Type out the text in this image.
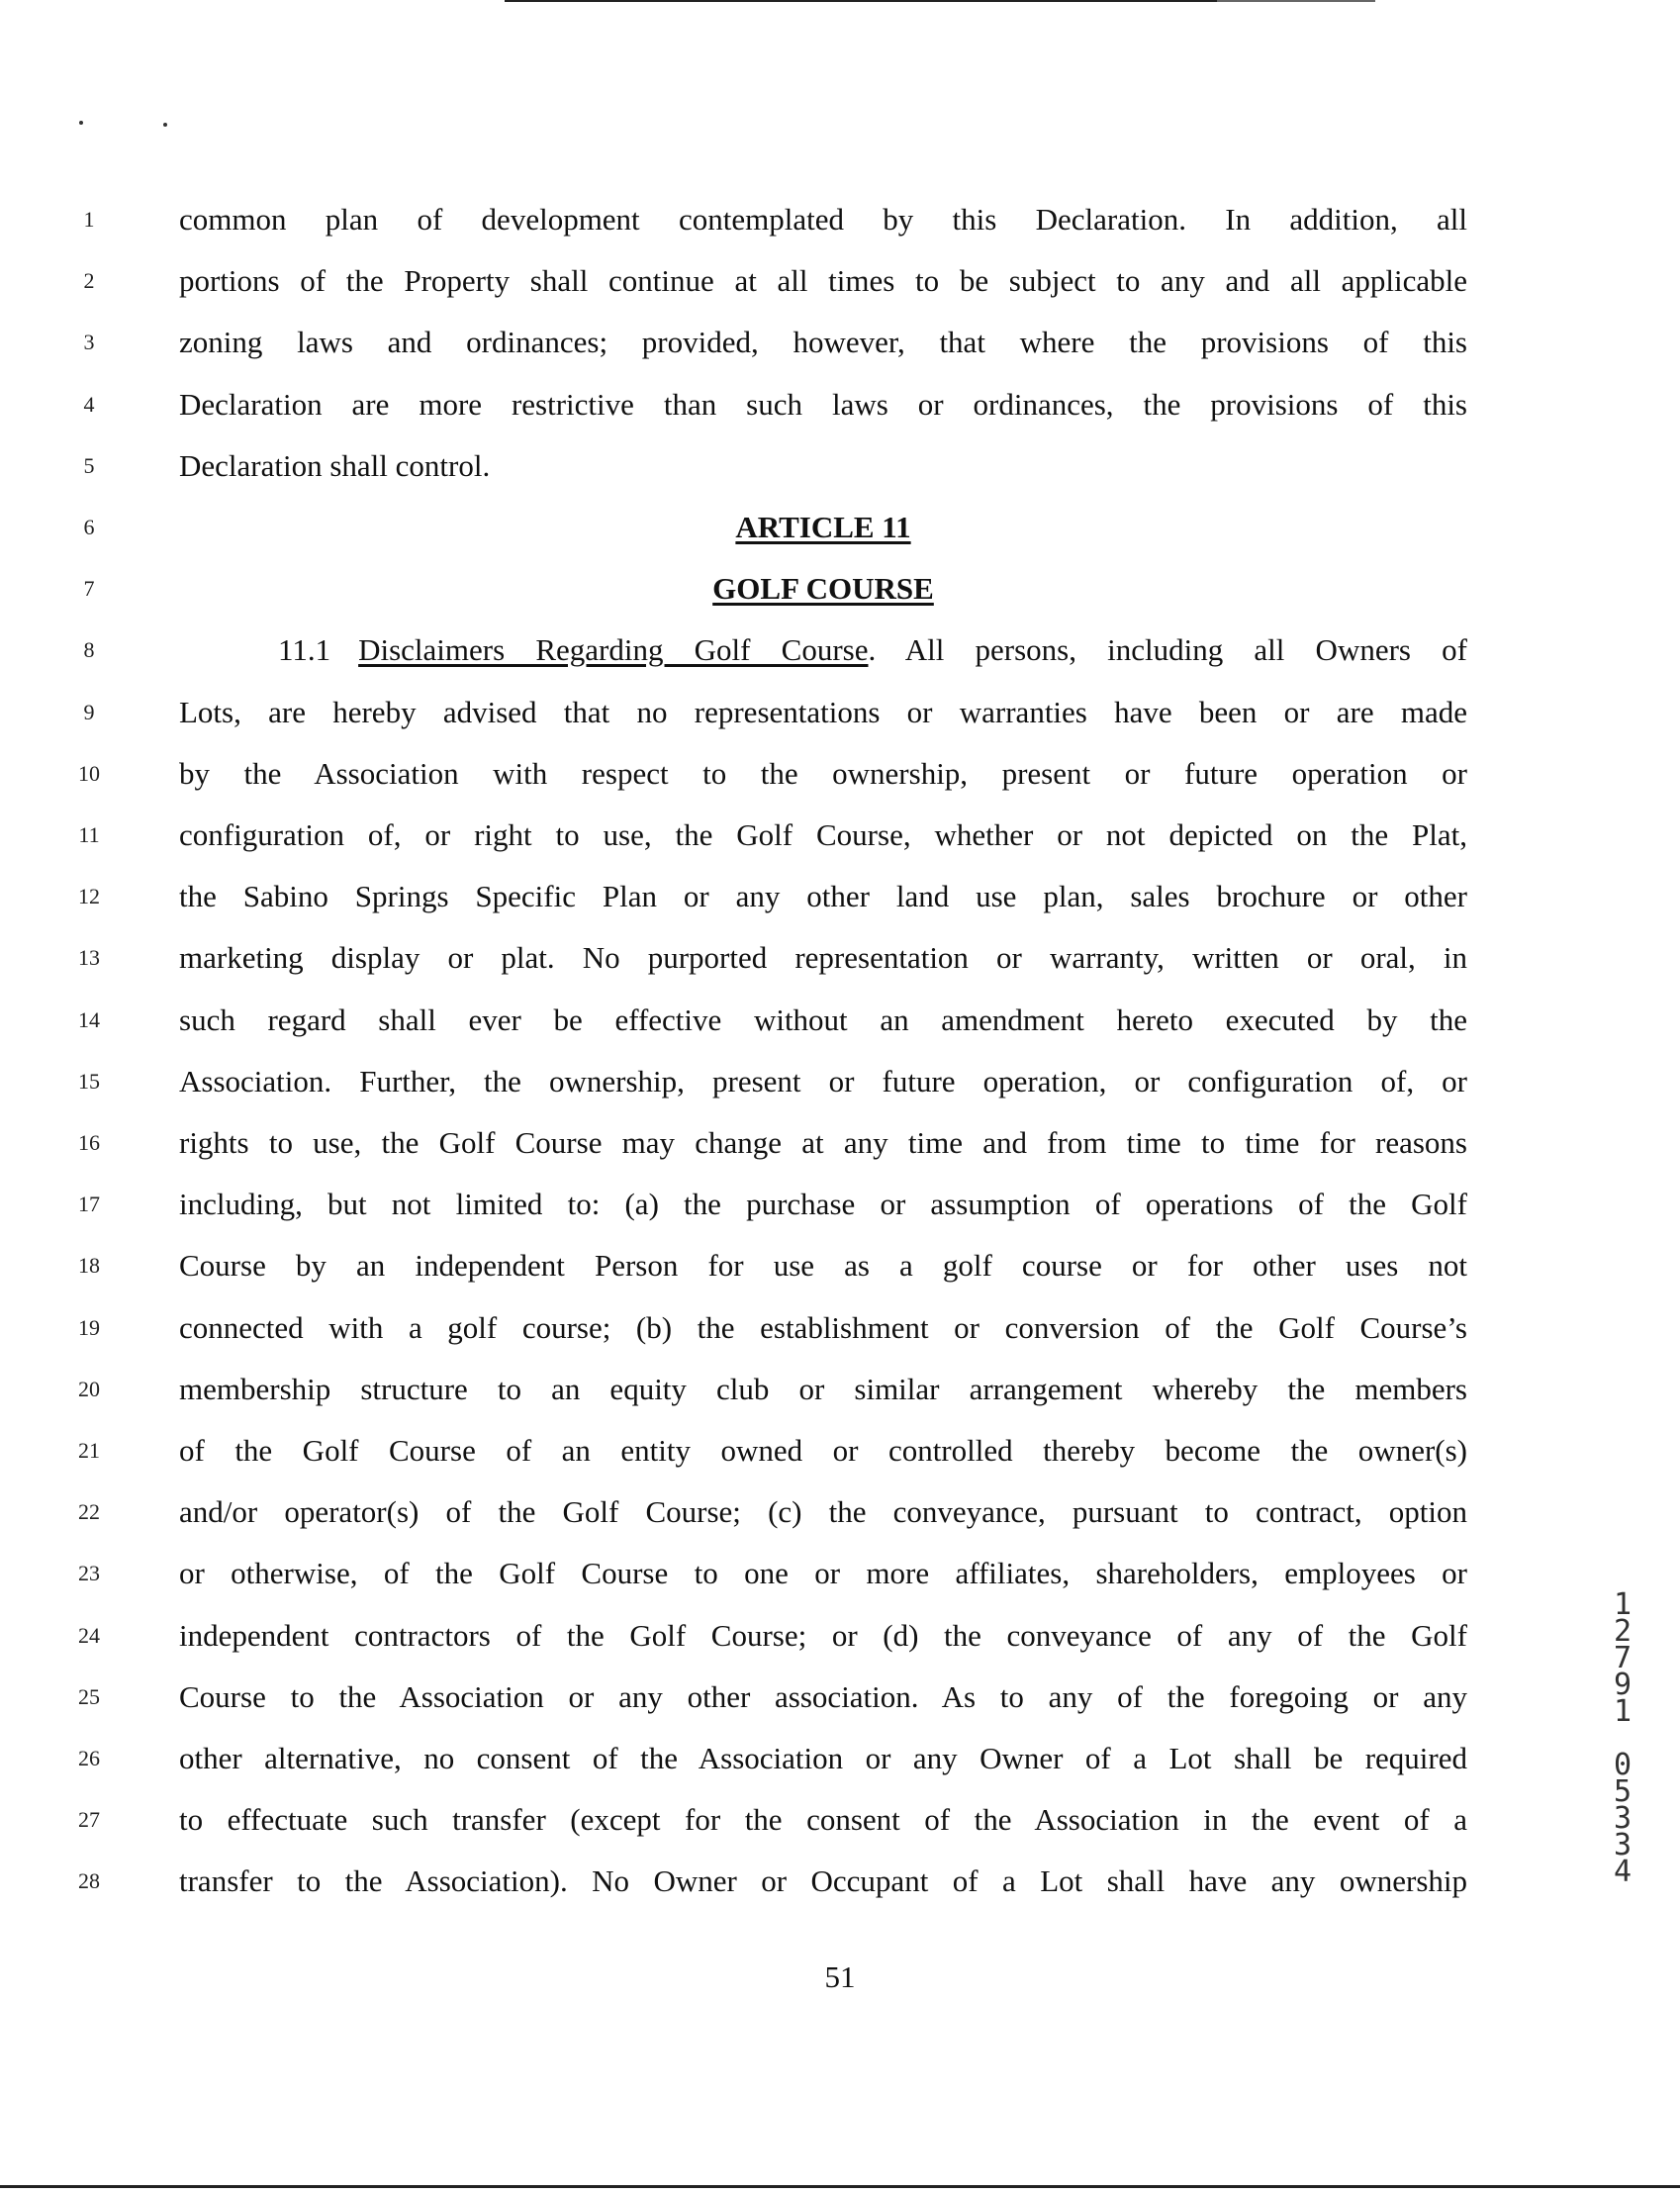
1	common plan of development contemplated by this Declaration. In addition, all
2	portions of the Property shall continue at all times to be subject to any and all applicable
3	zoning laws and ordinances; provided, however, that where the provisions of this
4	Declaration are more restrictive than such laws or ordinances, the provisions of this
5	Declaration shall control.
6	ARTICLE 11
7	GOLF COURSE
8	11.1 Disclaimers Regarding Golf Course. All persons, including all Owners of
9	Lots, are hereby advised that no representations or warranties have been or are made
10	by the Association with respect to the ownership, present or future operation or
11	configuration of, or right to use, the Golf Course, whether or not depicted on the Plat,
12	the Sabino Springs Specific Plan or any other land use plan, sales brochure or other
13	marketing display or plat. No purported representation or warranty, written or oral, in
14	such regard shall ever be effective without an amendment hereto executed by the
15	Association. Further, the ownership, present or future operation, or configuration of, or
16	rights to use, the Golf Course may change at any time and from time to time for reasons
17	including, but not limited to: (a) the purchase or assumption of operations of the Golf
18	Course by an independent Person for use as a golf course or for other uses not
19	connected with a golf course; (b) the establishment or conversion of the Golf Course’s
20	membership structure to an equity club or similar arrangement whereby the members
21	of the Golf Course of an entity owned or controlled thereby become the owner(s)
22	and/or operator(s) of the Golf Course; (c) the conveyance, pursuant to contract, option
23	or otherwise, of the Golf Course to one or more affiliates, shareholders, employees or
24	independent contractors of the Golf Course; or (d) the conveyance of any of the Golf
25	Course to the Association or any other association. As to any of the foregoing or any
26	other alternative, no consent of the Association or any Owner of a Lot shall be required
27	to effectuate such transfer (except for the consent of the Association in the event of a
28	transfer to the Association). No Owner or Occupant of a Lot shall have any ownership
51
1
2
7
9
1

0
5
3
3
4
